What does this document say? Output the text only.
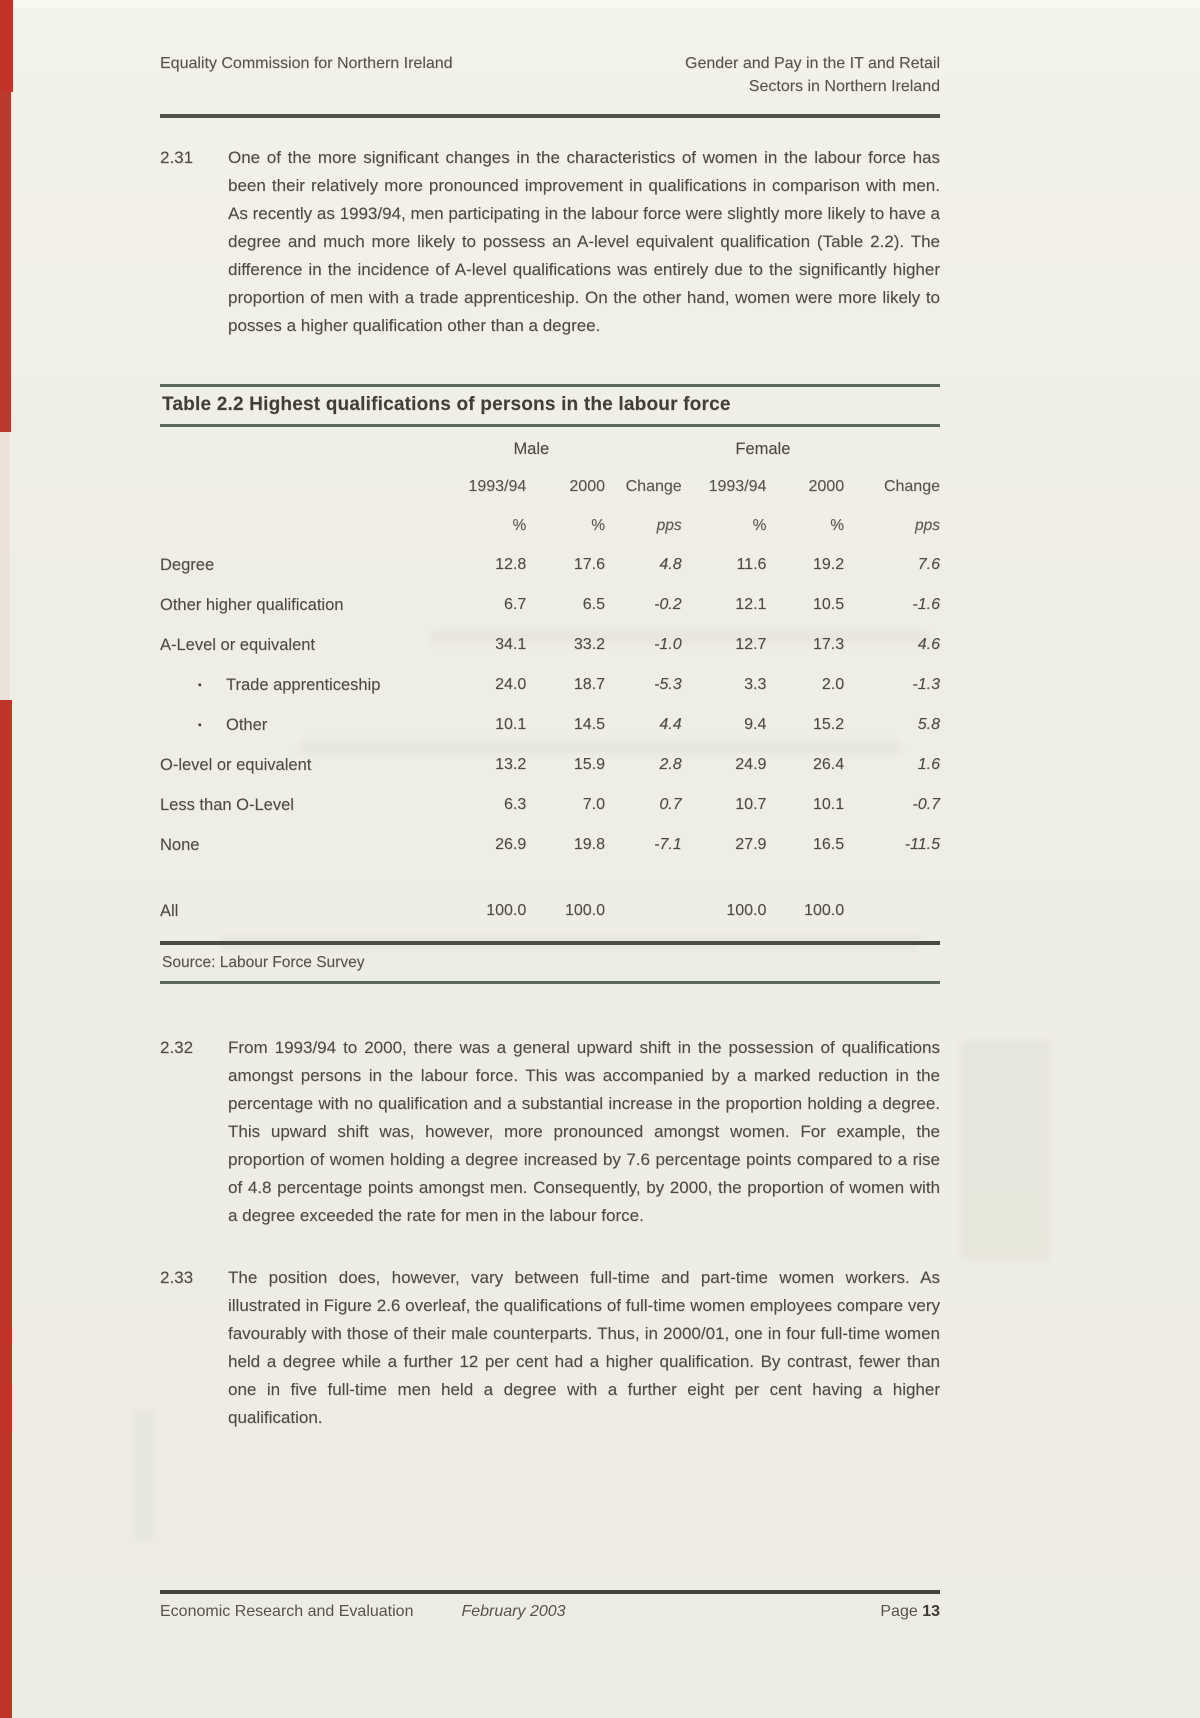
Equality Commission for Northern Ireland	Gender and Pay in the IT and Retail
Sectors in Northern Ireland
2.31	One of the more significant changes in the characteristics of women in the labour force has been their relatively more pronounced improvement in qualifications in comparison with men. As recently as 1993/94, men participating in the labour force were slightly more likely to have a degree and much more likely to possess an A-level equivalent qualification (Table 2.2). The difference in the incidence of A-level qualifications was entirely due to the significantly higher proportion of men with a trade apprenticeship. On the other hand, women were more likely to posses a higher qualification other than a degree.

Table 2.2 Highest qualifications of persons in the labour force
	Male			Female		
	1993/94	2000	Change	1993/94	2000	Change
	%	%	pps	%	%	pps
Degree	12.8	17.6	4.8	11.6	19.2	7.6
Other higher qualification	6.7	6.5	-0.2	12.1	10.5	-1.6
A-Level or equivalent	34.1	33.2	-1.0	12.7	17.3	4.6
▪ Trade apprenticeship	24.0	18.7	-5.3	3.3	2.0	-1.3
▪ Other	10.1	14.5	4.4	9.4	15.2	5.8
O-level or equivalent	13.2	15.9	2.8	24.9	26.4	1.6
Less than O-Level	6.3	7.0	0.7	10.7	10.1	-0.7
None	26.9	19.8	-7.1	27.9	16.5	-11.5
All	100.0	100.0		100.0	100.0	
Source: Labour Force Survey
2.32	From 1993/94 to 2000, there was a general upward shift in the possession of qualifications amongst persons in the labour force. This was accompanied by a marked reduction in the percentage with no qualification and a substantial increase in the proportion holding a degree. This upward shift was, however, more pronounced amongst women. For example, the proportion of women holding a degree increased by 7.6 percentage points compared to a rise of 4.8 percentage points amongst men. Consequently, by 2000, the proportion of women with a degree exceeded the rate for men in the labour force.

2.33	The position does, however, vary between full-time and part-time women workers. As illustrated in Figure 2.6 overleaf, the qualifications of full-time women employees compare very favourably with those of their male counterparts. Thus, in 2000/01, one in four full-time women held a degree while a further 12 per cent had a higher qualification. By contrast, fewer than one in five full-time men held a degree with a further eight per cent having a higher qualification.

Economic Research and Evaluation	February 2003	Page 13
